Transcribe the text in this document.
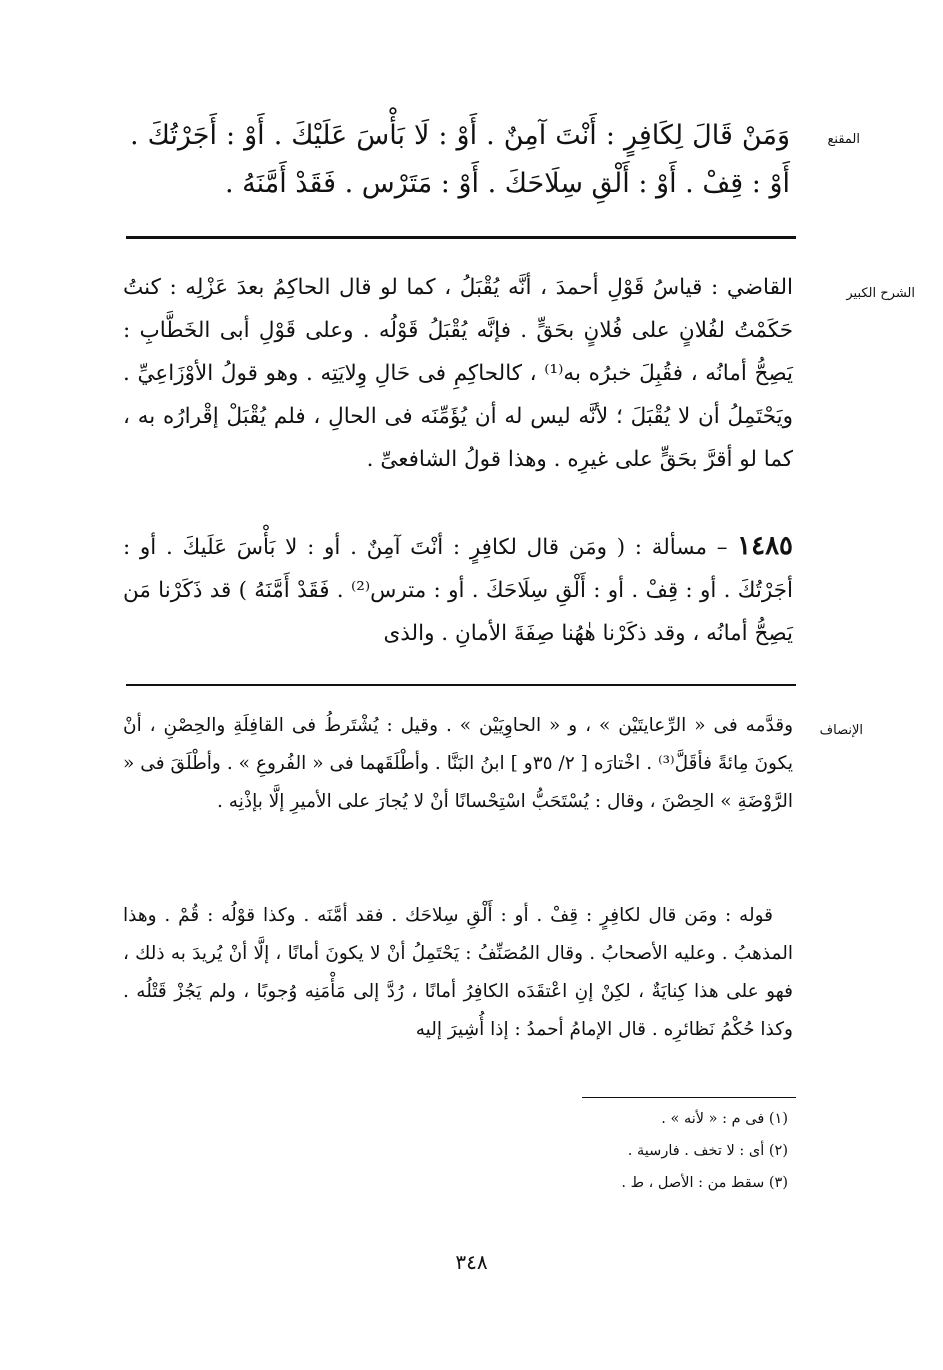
المقنع

وَمَنْ قَالَ لِكَافِرٍ : أَنْتَ آمِنٌ . أَوْ : لَا بَأْسَ عَلَيْكَ . أَوْ : أَجَرْتُكَ . أَوْ : قِفْ . أَوْ : أَلْقِ سِلَاحَكَ . أَوْ : مَتَرْس . فَقَدْ أَمَّنَهُ .

الشرح الكبير

القاضي : قياسُ قَوْلِ أحمدَ ، أنَّه يُقْبَلُ ، كما لو قال الحاكِمُ بعدَ عَزْلِه : كنتُ حَكَمْتُ لفُلانٍ على فُلانٍ بحَقٍّ . فإنَّه يُقْبَلُ قَوْلُه . وعلى قَوْلِ أبى الخَطَّابِ : يَصِحُّ أمانُه ، فقُبِلَ خبرُه به⁽¹⁾ ، كالحاكِمِ فى حَالِ وِلايَتِه . وهو قولُ الأوْزَاعِيِّ . ويَحْتَمِلُ أن لا يُقْبَلَ ؛ لأنَّه ليس له أن يُؤَمِّنَه فى الحالِ ، فلم يُقْبَلْ إقْرارُه به ، كما لو أقرَّ بحَقٍّ على غيرِه . وهذا قولُ الشافعىِّ .

١٤٨٥ – مسألة : ( ومَن قال لكافِرٍ : أنْتَ آمِنٌ . أو : لا بَأْسَ عَلَيكَ . أو : أجَرْتُكَ . أو : قِفْ . أو : أَلْقِ سِلَاحَكَ . أو : مترس⁽²⁾ . فَقَدْ أَمَّنَهُ ) قد ذَكَرْنا مَن يَصِحُّ أمانُه ، وقد ذكَرْنا هٰهُنا صِفَةَ الأمانِ . والذى

الإنصاف

وقدَّمه فى « الرِّعايتَيْن » ، و « الحاوِيَيْن » . وقيل : يُشْتَرطُ فى القافِلَةِ والحِصْنِ ، أنْ يكونَ مِائةً فأقَلَّ⁽³⁾ . اخْتارَه [ ٢/ ٣٥و ] ابنُ البَنَّا . وأطْلَقَهما فى « الفُروعِ » . وأطْلَقَ فى « الرَّوْضَةِ » الحِصْنَ ، وقال : يُسْتَحَبُّ اسْتِحْسانًا أنْ لا يُجارَ على الأميرِ إلَّا بإذْنِه .

قوله : ومَن قال لكافِرٍ : قِفْ . أو : أَلْقِ سِلاحَك . فقد أمَّنَه . وكذا قوْلُه : قُمْ . وهذا المذهبُ . وعليه الأصحابُ . وقال المُصَنِّفُ : يَحْتَمِلُ أنْ لا يكونَ أمانًا ، إلَّا أنْ يُريدَ به ذلك ، فهو على هذا كِنايَةٌ ، لكِنْ إنِ اعْتقَدَه الكافِرُ أمانًا ، رُدَّ إلى مَأْمَنِه وُجوبًا ، ولم يَجُزْ قَتْلُه . وكذا حُكْمُ نَظائرِه . قال الإمامُ أحمدُ : إذا أُشِيرَ إليه

(١) فى م : « لأنه » .
(٢) أى : لا تخف . فارسية .
(٣) سقط من : الأصل ، ط .
٣٤٨
